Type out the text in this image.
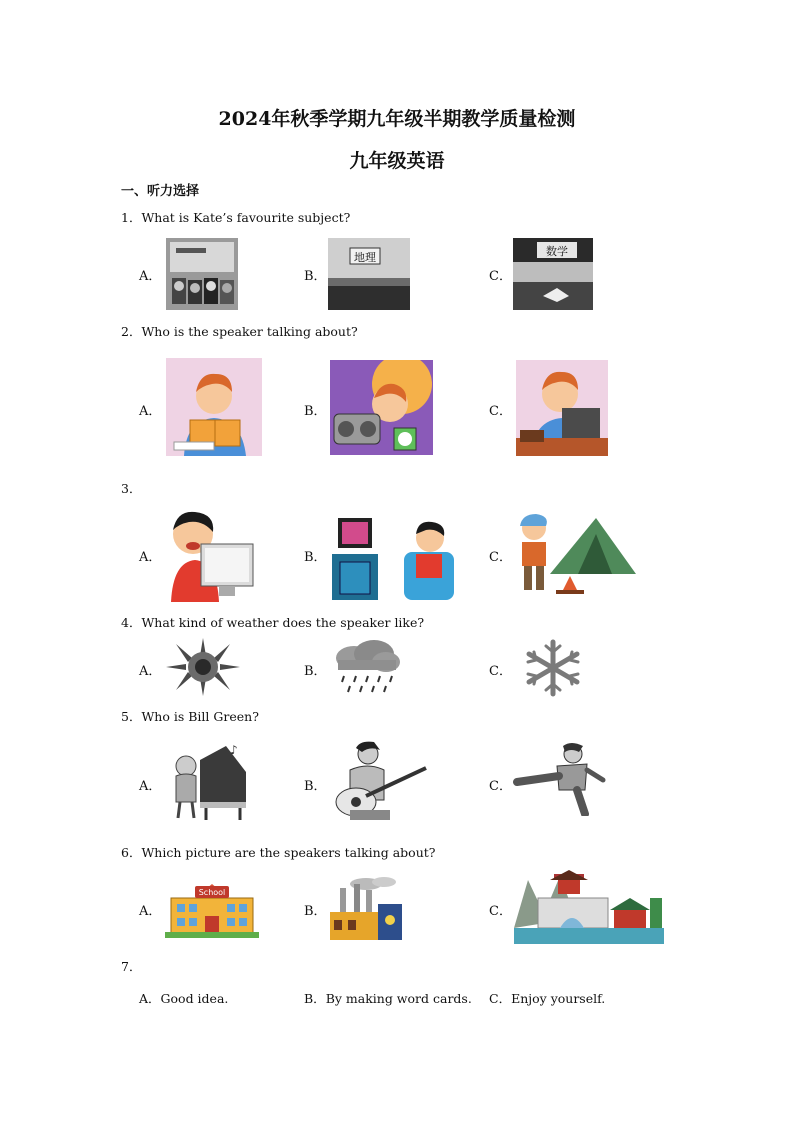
2024年秋季学期九年级半期教学质量检测
九年级英语
一、听力选择
1．What is Kate’s favourite subject?
A．	B．
地理
C．
数学
2．Who is the speaker talking about?
A．	B．	C．
3．
A．	B．	C．
4．What kind of weather does the speaker like?
A．	B．	C．
5．Who is Bill Green?
A．
♪
B．	C．
6．Which picture are the speakers talking about?
A．
School
B．	C．
7．
A．Good idea.	B．By making word cards. C．Enjoy yourself.
